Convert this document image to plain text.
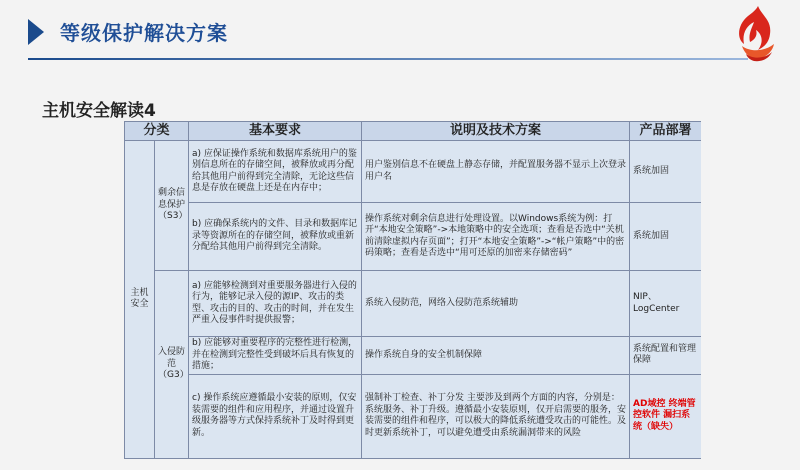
等级保护解决方案
主机安全解读4
分类		基本要求	说明及技术方案	产品部署
主机安全	剩余信息保护（S3）	a) 应保证操作系统和数据库系统用户的鉴别信息所在的存储空间，被释放或再分配给其他用户前得到完全清除，无论这些信息是存放在硬盘上还是在内存中；	用户鉴别信息不在硬盘上静态存储，并配置服务器不显示上次登录用户名	系统加固
		b) 应确保系统内的文件、目录和数据库记录等资源所在的存储空间，被释放或重新分配给其他用户前得到完全清除。	操作系统对剩余信息进行处理设置。以Windows系统为例：打开“本地安全策略”->本地策略中的安全选项；查看是否选中“关机前清除虚拟内存页面”；打开“本地安全策略”->“帐户策略”中的密码策略；查看是否选中“用可还原的加密来存储密码”	系统加固
	入侵防范（G3）	a) 应能够检测到对重要服务器进行入侵的行为，能够记录入侵的源IP、攻击的类型、攻击的目的、攻击的时间，并在发生严重入侵事件时提供报警；	系统入侵防范，网络入侵防范系统辅助	NIP、LogCenter
		b) 应能够对重要程序的完整性进行检测，并在检测到完整性受到破坏后具有恢复的措施；	操作系统自身的安全机制保障	系统配置和管理保障
		c) 操作系统应遵循最小安装的原则，仅安装需要的组件和应用程序，并通过设置升级服务器等方式保持系统补丁及时得到更新。	强制补丁检查、补丁分发 主要涉及到两个方面的内容，分别是：系统服务、补丁升级。遵循最小安装原则，仅开启需要的服务，安装需要的组件和程序，可以极大的降低系统遭受攻击的可能性。及时更新系统补丁，可以避免遭受由系统漏洞带来的风险	AD域控 终端管控软件 漏扫系统（缺失）
